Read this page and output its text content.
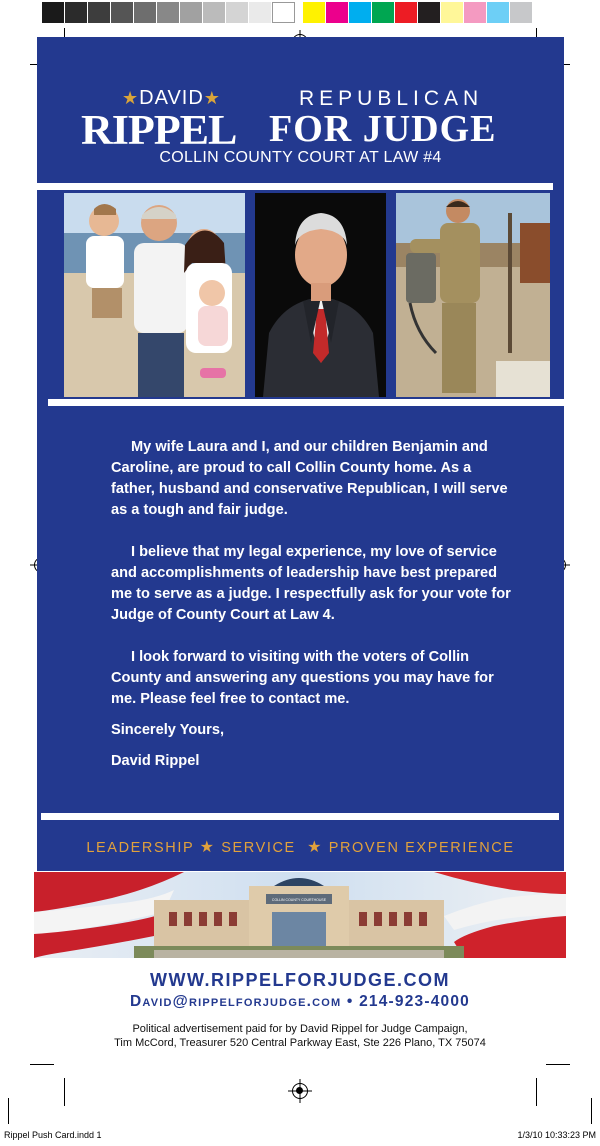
★DAVID★	REPUBLICAN
RIPPEL FOR JUDGE
COLLIN COUNTY COURT AT LAW #4

My wife Laura and I, and our children Benjamin and Caroline, are proud to call Collin County home. As a father, husband and conservative Republican, I will serve as a tough and fair judge.

I believe that my legal experience, my love of service and accomplishments of leadership have best prepared me to serve as a judge. I respectfully ask for your vote for Judge of County Court at Law 4.

I look forward to visiting with the voters of Collin County and answering any questions you may have for me. Please feel free to contact me.

Sincerely Yours,

David Rippel

LEADERSHIP ★ SERVICE ★ PROVEN EXPERIENCE
COLLIN COUNTY COURTHOUSE
WWW.RIPPELFORJUDGE.COM
David@rippelforjudge.com • 214-923-4000
Political advertisement paid for by David Rippel for Judge Campaign,
Tim McCord, Treasurer 520 Central Parkway East, Ste 226 Plano, TX 75074
Rippel Push Card.indd 1	1/3/10 10:33:23 PM
